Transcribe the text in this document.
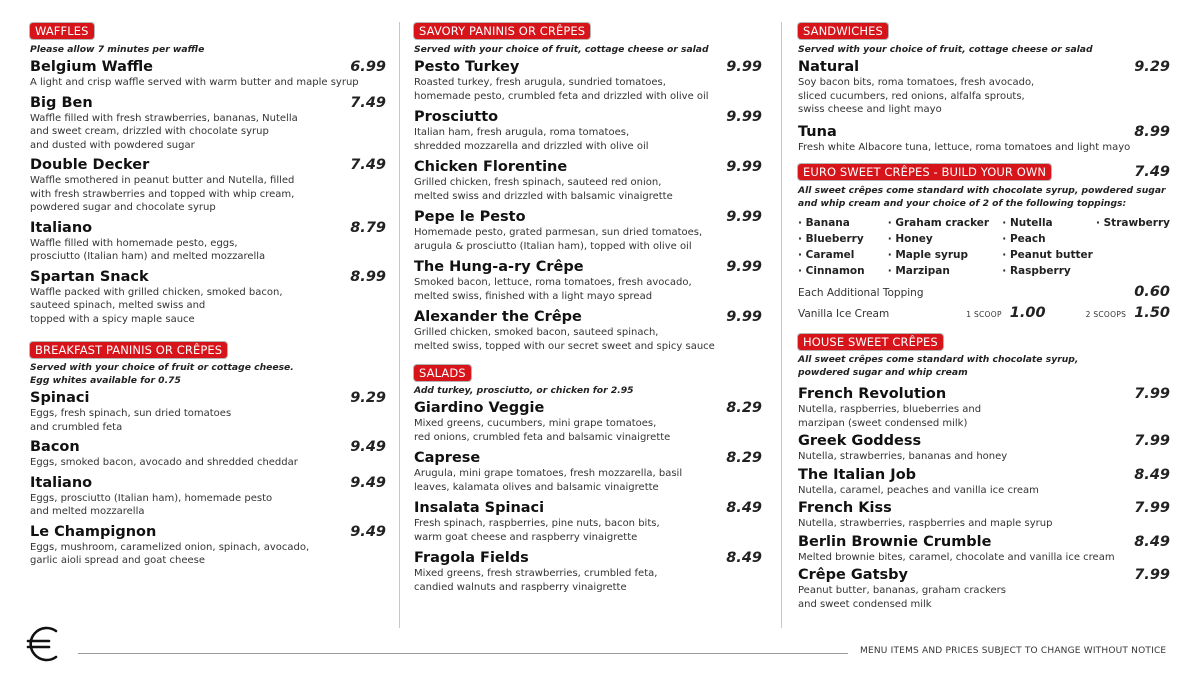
WAFFLES
Please allow 7 minutes per waffle
Belgium Waffle	6.99
A light and crisp waffle served with warm butter and maple syrup
Big Ben	7.49
Waffle filled with fresh strawberries, bananas, Nutella
and sweet cream, drizzled with chocolate syrup
and dusted with powdered sugar
Double Decker	7.49
Waffle smothered in peanut butter and Nutella, filled
with fresh strawberries and topped with whip cream,
powdered sugar and chocolate syrup
Italiano	8.79
Waffle filled with homemade pesto, eggs,
prosciutto (Italian ham) and melted mozzarella
Spartan Snack	8.99
Waffle packed with grilled chicken, smoked bacon,
sauteed spinach, melted swiss and
topped with a spicy maple sauce
BREAKFAST PANINIS OR CRÊPES
Served with your choice of fruit or cottage cheese.
Egg whites available for 0.75
Spinaci	9.29
Eggs, fresh spinach, sun dried tomatoes
and crumbled feta
Bacon	9.49
Eggs, smoked bacon, avocado and shredded cheddar
Italiano	9.49
Eggs, prosciutto (Italian ham), homemade pesto
and melted mozzarella
Le Champignon	9.49
Eggs, mushroom, caramelized onion, spinach, avocado,
garlic aioli spread and goat cheese
SAVORY PANINIS OR CRÊPES
Served with your choice of fruit, cottage cheese or salad
Pesto Turkey	9.99
Roasted turkey, fresh arugula, sundried tomatoes,
homemade pesto, crumbled feta and drizzled with olive oil
Prosciutto	9.99
Italian ham, fresh arugula, roma tomatoes,
shredded mozzarella and drizzled with olive oil
Chicken Florentine	9.99
Grilled chicken, fresh spinach, sauteed red onion,
melted swiss and drizzled with balsamic vinaigrette
Pepe le Pesto	9.99
Homemade pesto, grated parmesan, sun dried tomatoes,
arugula & prosciutto (Italian ham), topped with olive oil
The Hung-a-ry Crêpe	9.99
Smoked bacon, lettuce, roma tomatoes, fresh avocado,
melted swiss, finished with a light mayo spread
Alexander the Crêpe	9.99
Grilled chicken, smoked bacon, sauteed spinach,
melted swiss, topped with our secret sweet and spicy sauce
SALADS
Add turkey, prosciutto, or chicken for 2.95
Giardino Veggie	8.29
Mixed greens, cucumbers, mini grape tomatoes,
red onions, crumbled feta and balsamic vinaigrette
Caprese	8.29
Arugula, mini grape tomatoes, fresh mozzarella, basil
leaves, kalamata olives and balsamic vinaigrette
Insalata Spinaci	8.49
Fresh spinach, raspberries, pine nuts, bacon bits,
warm goat cheese and raspberry vinaigrette
Fragola Fields	8.49
Mixed greens, fresh strawberries, crumbled feta,
candied walnuts and raspberry vinaigrette
SANDWICHES
Served with your choice of fruit, cottage cheese or salad
Natural	9.29
Soy bacon bits, roma tomatoes, fresh avocado,
sliced cucumbers, red onions, alfalfa sprouts,
swiss cheese and light mayo
Tuna	8.99
Fresh white Albacore tuna, lettuce, roma tomatoes and light mayo
EURO SWEET CRÊPES - BUILD YOUR OWN	7.49
All sweet crêpes come standard with chocolate syrup, powdered sugar
and whip cream and your choice of 2 of the following toppings:
· Banana
· Blueberry
· Caramel
· Cinnamon
· Graham cracker
· Honey
· Maple syrup
· Marzipan
· Nutella
· Peach
· Peanut butter
· Raspberry
· Strawberry
Each Additional Topping	0.60
Vanilla Ice Cream	1 SCOOP 1.00	2 SCOOPS 1.50
HOUSE SWEET CRÊPES
All sweet crêpes come standard with chocolate syrup,
powdered sugar and whip cream
French Revolution	7.99
Nutella, raspberries, blueberries and
marzipan (sweet condensed milk)
Greek Goddess	7.99
Nutella, strawberries, bananas and honey
The Italian Job	8.49
Nutella, caramel, peaches and vanilla ice cream
French Kiss	7.99
Nutella, strawberries, raspberries and maple syrup
Berlin Brownie Crumble	8.49
Melted brownie bites, caramel, chocolate and vanilla ice cream
Crêpe Gatsby	7.99
Peanut butter, bananas, graham crackers
and sweet condensed milk
MENU ITEMS AND PRICES SUBJECT TO CHANGE WITHOUT NOTICE
